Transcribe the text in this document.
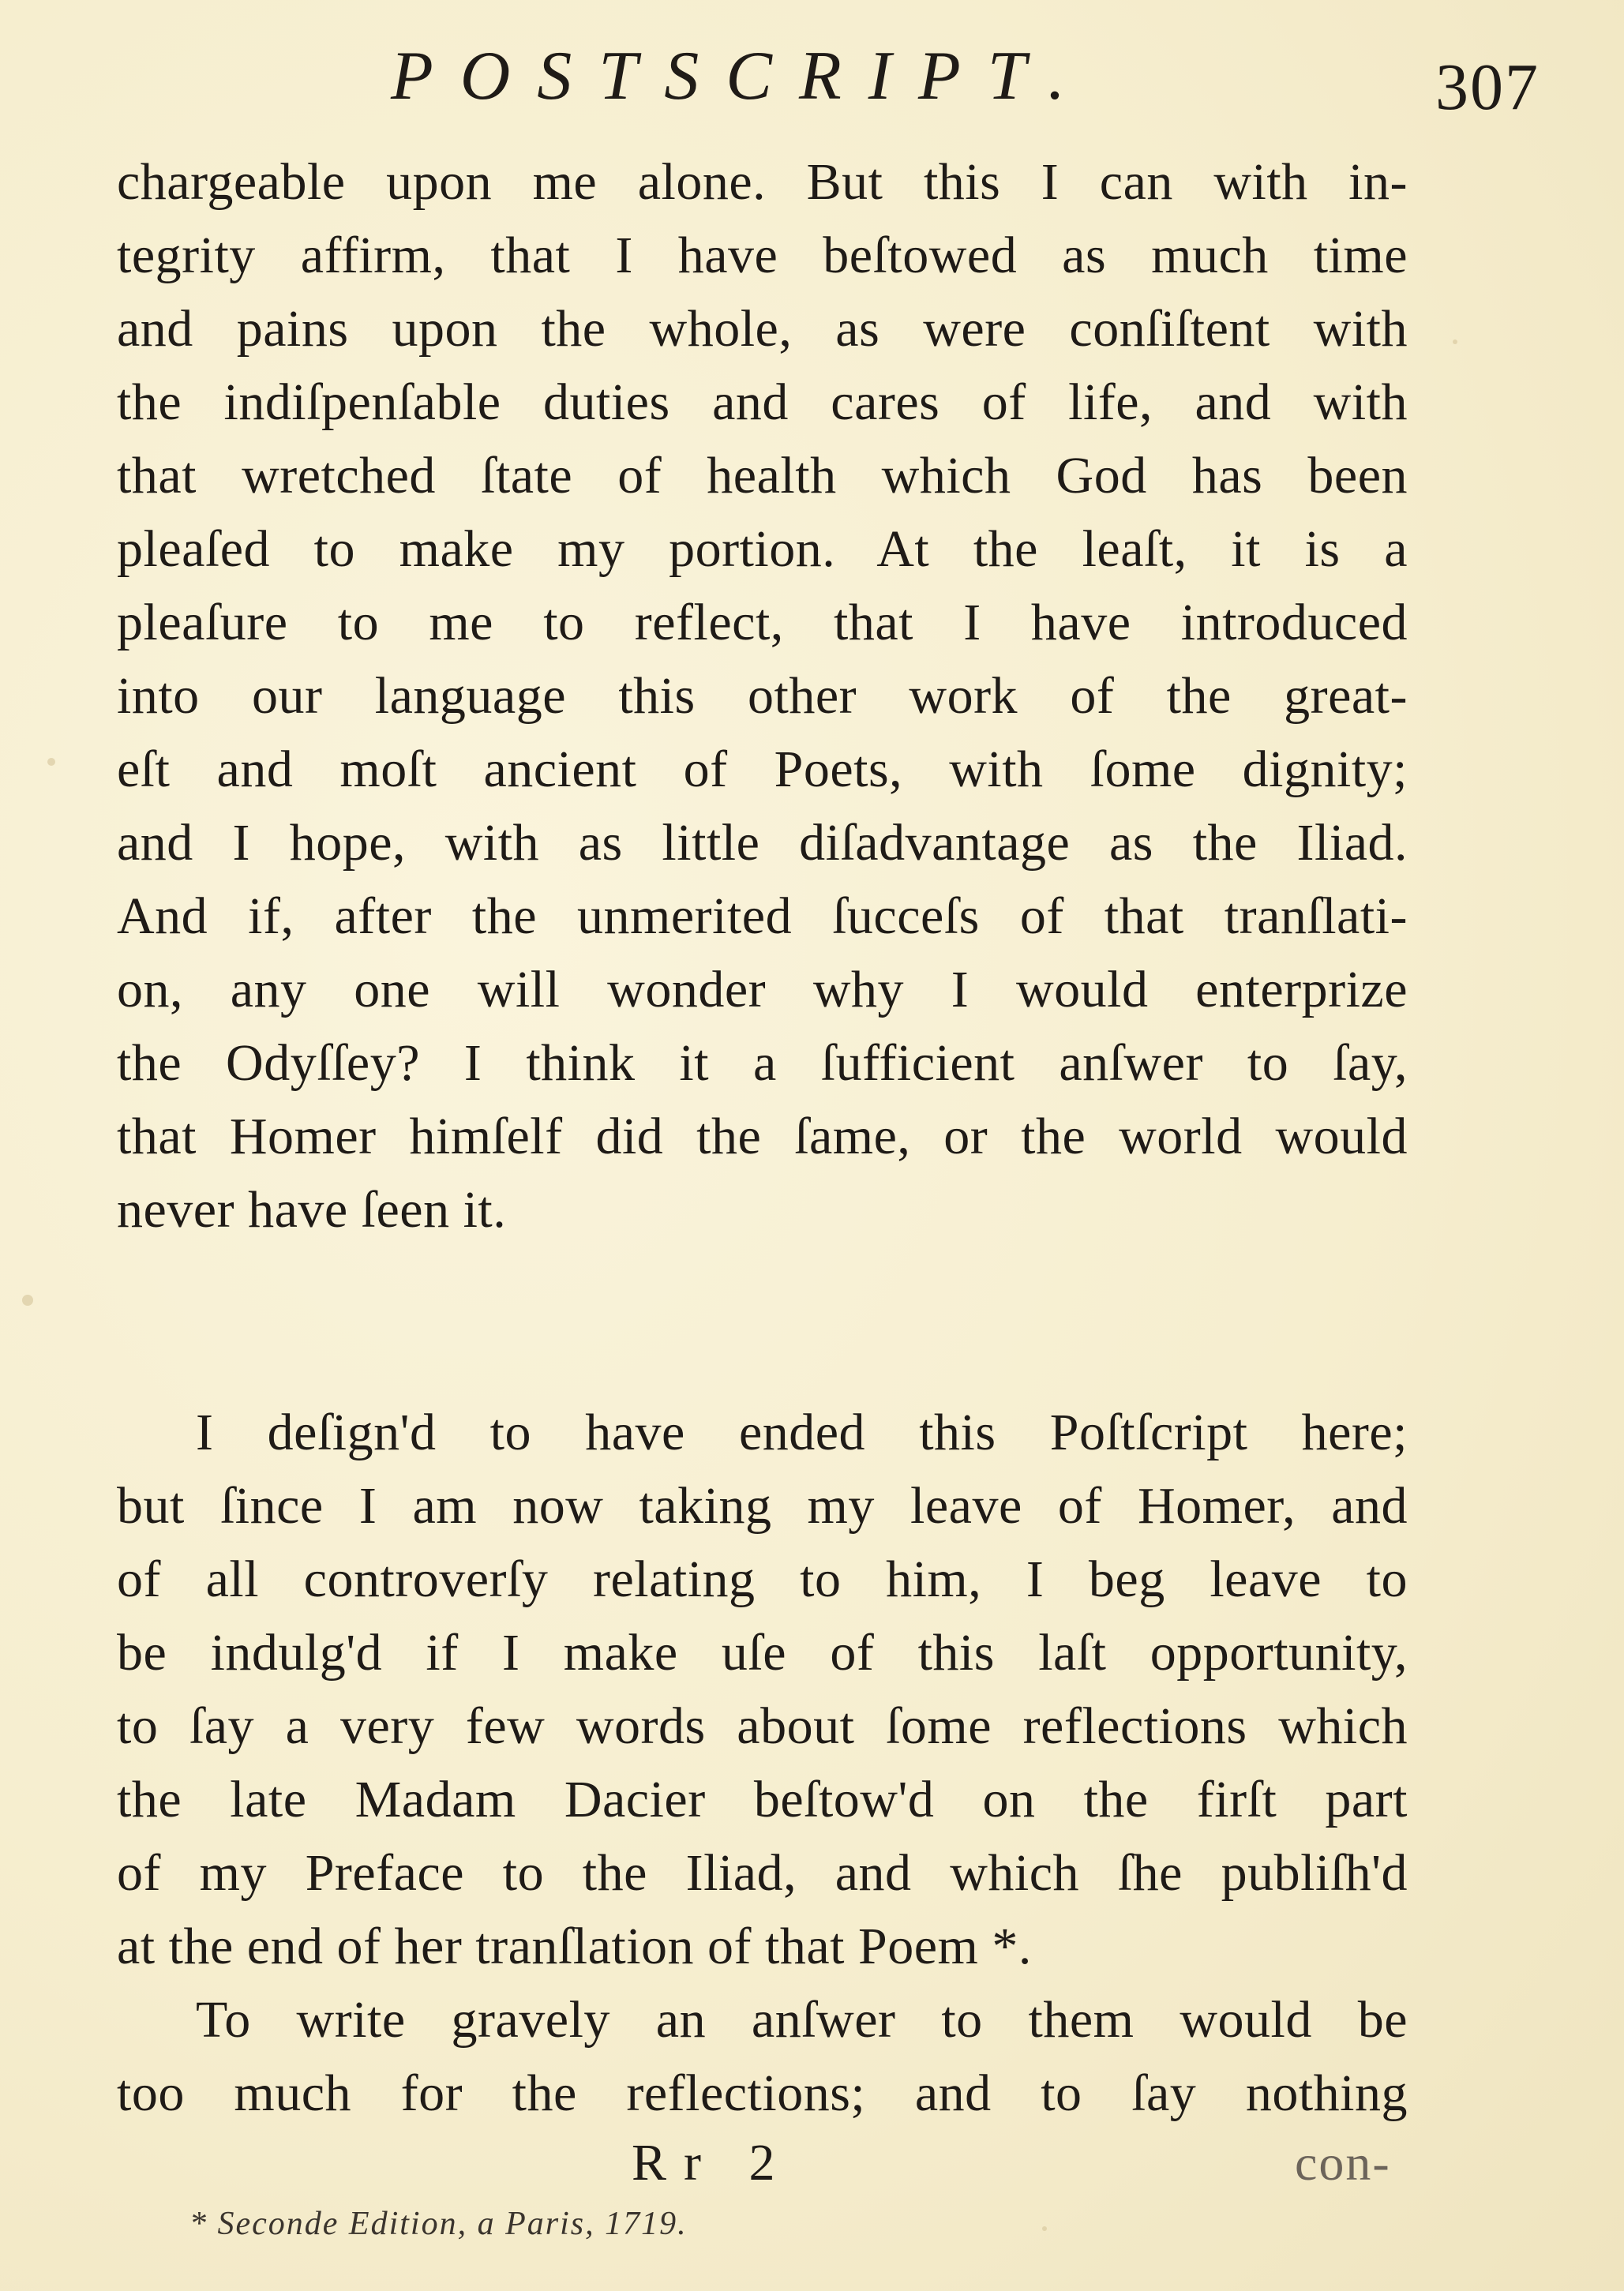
POSTSCRIPT.	307
chargeable upon me alone. But this I can with in-
tegrity affirm, that I have beſtowed as much time
and pains upon the whole, as were conſiſtent with
the indiſpenſable duties and cares of life, and with
that wretched ſtate of health which God has been
pleaſed to make my portion. At the leaſt, it is a
pleaſure to me to reflect, that I have introduced
into our language this other work of the great-
eſt and moſt ancient of Poets, with ſome dignity;
and I hope, with as little diſadvantage as the Iliad.
And if, after the unmerited ſucceſs of that tranſlati-
on, any one will wonder why I would enterprize
the Odyſſey? I think it a ſufficient anſwer to ſay,
that Homer himſelf did the ſame, or the world would
never have ſeen it.
I deſign'd to have ended this Poſtſcript here;
but ſince I am now taking my leave of Homer, and
of all controverſy relating to him, I beg leave to
be indulg'd if I make uſe of this laſt opportunity,
to ſay a very few words about ſome reflections which
the late Madam Dacier beſtow'd on the firſt part
of my Preface to the Iliad, and which ſhe publiſh'd
at the end of her tranſlation of that Poem *.
To write gravely an anſwer to them would be
too much for the reflections; and to ſay nothing
Rr 2	con-
* Seconde Edition, a Paris, 1719.
